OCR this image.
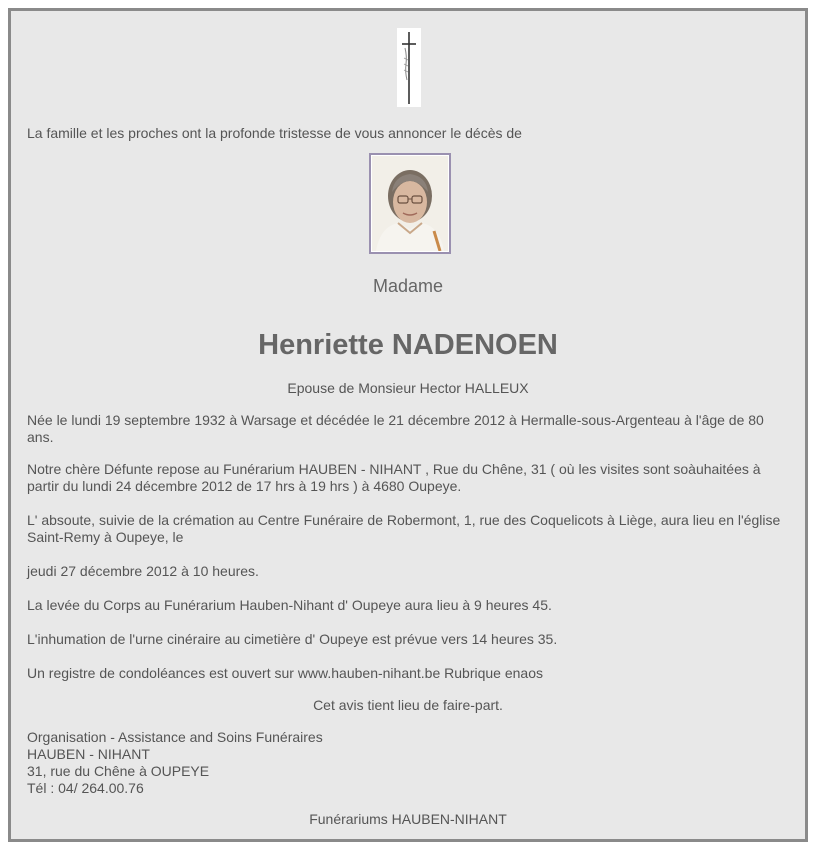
La famille et les proches ont la profonde tristesse de vous annoncer le décès de
Madame
Henriette NADENOEN
Epouse de Monsieur Hector HALLEUX
Née le lundi 19 septembre 1932 à Warsage et décédée le 21 décembre 2012 à Hermalle-sous-Argenteau à l'âge de 80 ans.
Notre chère Défunte repose au Funérarium HAUBEN - NIHANT , Rue du Chêne, 31 ( où les visites sont soàuhaitées à partir du lundi 24 décembre 2012 de 17 hrs à 19 hrs ) à 4680 Oupeye.
L' absoute, suivie de la crémation au Centre Funéraire de Robermont, 1, rue des Coquelicots à Liège, aura lieu en l'église Saint-Remy à Oupeye, le
jeudi 27 décembre 2012 à 10 heures.
La levée du Corps au Funérarium Hauben-Nihant d' Oupeye aura lieu à 9 heures 45.
L'inhumation de l'urne cinéraire au cimetière d' Oupeye est prévue vers 14 heures 35.
Un registre de condoléances est ouvert sur www.hauben-nihant.be Rubrique enaos
Cet avis tient lieu de faire-part.
Organisation - Assistance and Soins Funéraires
HAUBEN - NIHANT
31, rue du Chêne à OUPEYE
Tél : 04/ 264.00.76
Funérariums HAUBEN-NIHANT
